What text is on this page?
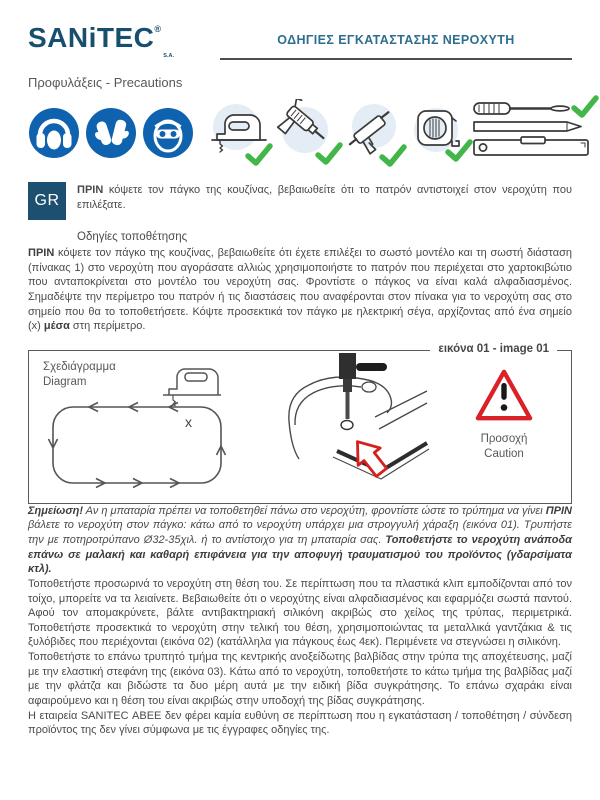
SANiTEC®
S.A.
ΟΔΗΓΙΕΣ ΕΓΚΑΤΑΣΤΑΣΗΣ ΝΕΡΟΧΥΤΗ
Προφυλάξεις - Precautions
GR
ΠΡΙΝ κόψετε τον πάγκο της κουζίνας, βεβαιωθείτε ότι το πατρόν αντιστοιχεί στον νεροχύτη που επιλέξατε.
Οδηγίες τοποθέτησης

ΠΡΙΝ κόψετε τον πάγκο της κουζίνας, βεβαιωθείτε ότι έχετε επιλέξει το σωστό μοντέλο και τη σωστή διάσταση (πίνακας 1) στο νεροχύτη που αγοράσατε αλλιώς χρησιμοποιήστε το πατρόν που περιέχεται στο χαρτοκιβώτιο που ανταποκρίνεται στο μοντέλο του νεροχύτη σας. Φροντίστε ο πάγκος να είναι καλά αλφαδιασμένος. Σημαδέψτε την περίμετρο του πατρόν ή τις διαστάσεις που αναφέρονται στον πίνακα για το νεροχύτη σας στο σημείο που θα το τοποθετήσετε. Κόψτε προσεκτικά τον πάγκο με ηλεκτρική σέγα, αρχίζοντας από ένα σημείο (x) μέσα στη περίμετρο.

εικόνα 01 - image 01
Σχεδιάγραμμα
Diagram
x
Προσοχή
Caution

Σημείωση! Αν η μπαταρία πρέπει να τοποθετηθεί πάνω στο νεροχύτη, φροντίστε ώστε το τρύπημα να γίνει ΠΡΙΝ βάλετε το νεροχύτη στον πάγκο: κάτω από το νεροχύτη υπάρχει μια στρογγυλή χάραξη (εικόνα 01). Τρυπήστε την με ποτηροτρύπανο Ø32-35χιλ. ή το αντίστοιχο για τη μπαταρία σας. Τοποθετήστε το νεροχύτη ανάποδα επάνω σε μαλακή και καθαρή επιφάνεια για την αποφυγή τραυματισμού του προϊόντος (γδαρσίματα κτλ).

Τοποθετήστε προσωρινά το νεροχύτη στη θέση του. Σε περίπτωση που τα πλαστικά κλιπ εμποδίζονται από τον τοίχο, μπορείτε να τα λειαίνετε. Βεβαιωθείτε ότι ο νεροχύτης είναι αλφαδιασμένος και εφαρμόζει σωστά παντού. Αφού τον απομακρύνετε, βάλτε αντιβακτηριακή σιλικόνη ακριβώς στο χείλος της τρύπας, περιμετρικά. Τοποθετήστε προσεκτικά το νεροχύτη στην τελική του θέση, χρησιμοποιώντας τα μεταλλικά γαντζάκια & τις ξυλόβιδες που περιέχονται (εικόνα 02) (κατάλληλα για πάγκους έως 4εκ). Περιμένετε να στεγνώσει η σιλικόνη.

Τοποθετήστε το επάνω τρυπητό τμήμα της κεντρικής ανοξείδωτης βαλβίδας στην τρύπα της αποχέτευσης, μαζί με την ελαστική στεφάνη της (εικόνα 03). Κάτω από το νεροχύτη, τοποθετήστε το κάτω τμήμα της βαλβίδας μαζί με την φλάτζα και βιδώστε τα δυο μέρη αυτά με την ειδική βίδα συγκράτησης. Το επάνω σχαράκι είναι αφαιρούμενο και η θέση του είναι ακριβώς στην υποδοχή της βίδας συγκράτησης.

Η εταιρεία SANITEC ΑΒΕΕ δεν φέρει καμία ευθύνη σε περίπτωση που η εγκατάσταση / τοποθέτηση / σύνδεση προϊόντος της δεν γίνει σύμφωνα με τις έγγραφες οδηγίες της.
